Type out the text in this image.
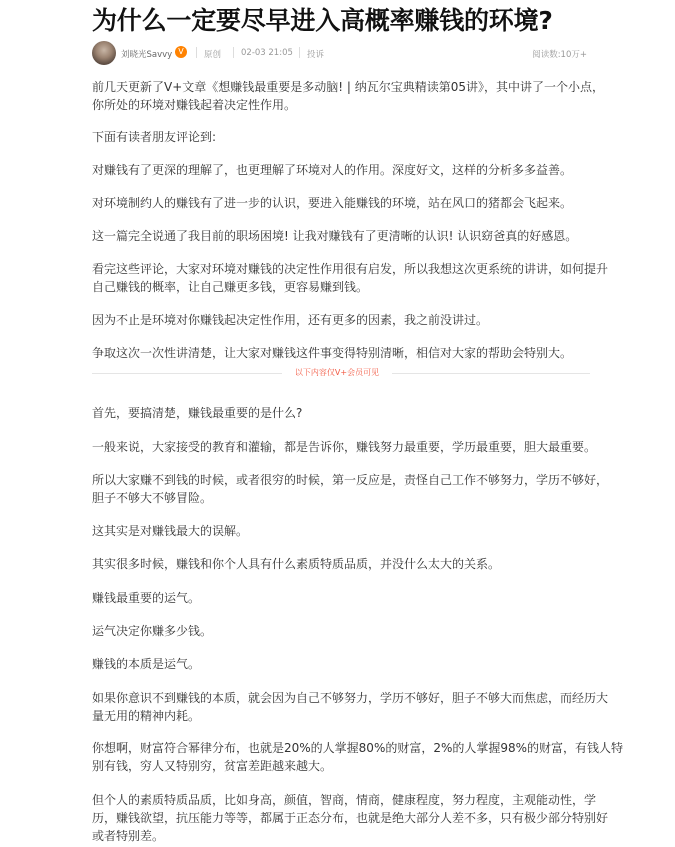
为什么一定要尽早进入高概率赚钱的环境?
刘晓光Savvy V	原创 02-03 21:05 投诉	阅读数:10万+
前几天更新了V+文章《想赚钱最重要是多动脑! | 纳瓦尔宝典精读第05讲》，其中讲了一个小点，
你所处的环境对赚钱起着决定性作用。
下面有读者朋友评论到:
对赚钱有了更深的理解了，也更理解了环境对人的作用。深度好文，这样的分析多多益善。
对环境制约人的赚钱有了进一步的认识，要进入能赚钱的环境，站在风口的猪都会飞起来。
这一篇完全说通了我目前的职场困境! 让我对赚钱有了更清晰的认识! 认识窈爸真的好感恩。
看完这些评论，大家对环境对赚钱的决定性作用很有启发，所以我想这次更系统的讲讲，如何提升
自己赚钱的概率，让自己赚更多钱，更容易赚到钱。
因为不止是环境对你赚钱起决定性作用，还有更多的因素，我之前没讲过。
争取这次一次性讲清楚，让大家对赚钱这件事变得特别清晰，相信对大家的帮助会特别大。
以下内容仅V+会员可见
首先，要搞清楚，赚钱最重要的是什么?
一般来说，大家接受的教育和灌输，都是告诉你，赚钱努力最重要，学历最重要，胆大最重要。
所以大家赚不到钱的时候，或者很穷的时候，第一反应是，责怪自己工作不够努力，学历不够好，
胆子不够大不够冒险。
这其实是对赚钱最大的误解。
其实很多时候，赚钱和你个人具有什么素质特质品质，并没什么太大的关系。
赚钱最重要的运气。
运气决定你赚多少钱。
赚钱的本质是运气。
如果你意识不到赚钱的本质，就会因为自己不够努力，学历不够好，胆子不够大而焦虑，而经历大
量无用的精神内耗。
你想啊，财富符合幂律分布，也就是20%的人掌握80%的财富，2%的人掌握98%的财富，有钱人特
别有钱，穷人又特别穷，贫富差距越来越大。
但个人的素质特质品质，比如身高，颜值，智商，情商，健康程度，努力程度，主观能动性，学
历，赚钱欲望，抗压能力等等，都属于正态分布，也就是绝大部分人差不多，只有极少部分特别好
或者特别差。
